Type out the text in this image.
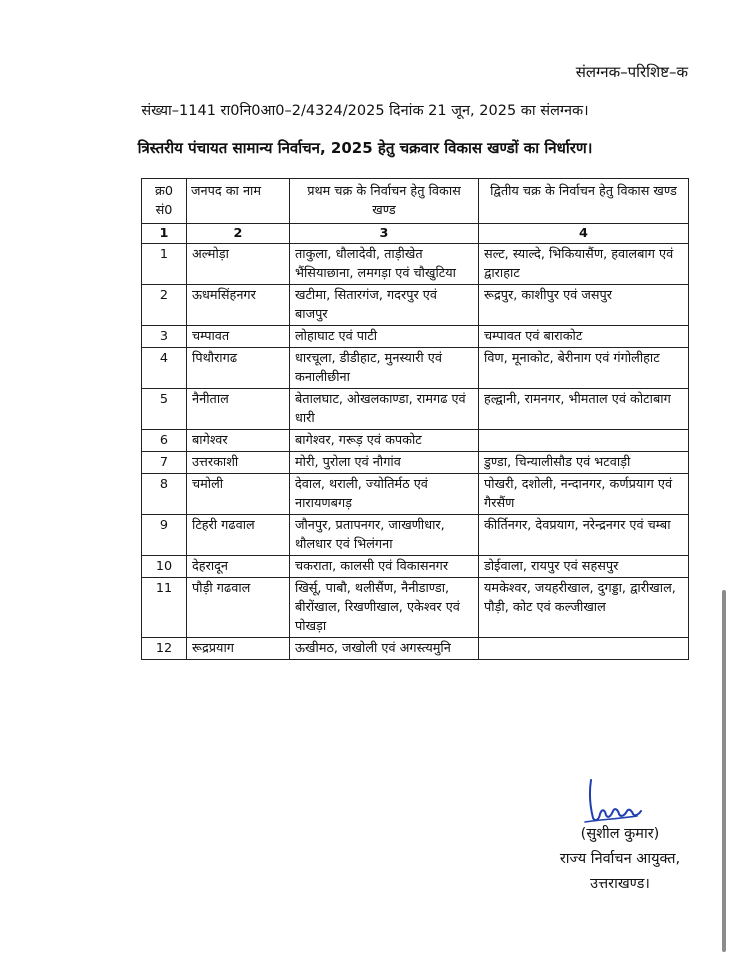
संलग्नक–परिशिष्ट–क
संख्या–1141 रा0नि0आ0–2/4324/2025 दिनांक 21 जून, 2025 का संलग्नक।
त्रिस्तरीय पंचायत सामान्य निर्वाचन, 2025 हेतु चक्रवार विकास खण्डों का निर्धारण।
क्र0 सं0	जनपद का नाम	प्रथम चक्र के निर्वाचन हेतु विकास खण्ड	द्वितीय चक्र के निर्वाचन हेतु विकास खण्ड
1	2	3	4
1	अल्मोड़ा	ताकुला, धौलादेवी, ताड़ीखेत भैंसियाछाना, लमगड़ा एवं चौखुटिया	सल्ट, स्याल्दे, भिकियासैंण, हवालबाग एवं द्वाराहाट
2	ऊधमसिंहनगर	खटीमा, सितारगंज, गदरपुर एवं बाजपुर	रूद्रपुर, काशीपुर एवं जसपुर
3	चम्पावत	लोहाघाट एवं पाटी	चम्पावत एवं बाराकोट
4	पिथौरागढ	धारचूला, डीडीहाट, मुनस्यारी एवं कनालीछीना	विण, मूनाकोट, बेरीनाग एवं गंगोलीहाट
5	नैनीताल	बेतालघाट, ओखलकाण्डा, रामगढ एवं धारी	हल्द्वानी, रामनगर, भीमताल एवं कोटाबाग
6	बागेश्वर	बागेश्वर, गरूड़ एवं कपकोट	
7	उत्तरकाशी	मोरी, पुरोला एवं नौगांव	डुण्डा, चिन्यालीसौड एवं भटवाड़ी
8	चमोली	देवाल, थराली, ज्योतिर्मठ एवं नारायणबगड़	पोखरी, दशोली, नन्दानगर, कर्णप्रयाग एवं गैरसैंण
9	टिहरी गढवाल	जौनपुर, प्रतापनगर, जाखणीधार, थौलधार एवं भिलंगना	कीर्तिनगर, देवप्रयाग, नरेन्द्रनगर एवं चम्बा
10	देहरादून	चकराता, कालसी एवं विकासनगर	डोईवाला, रायपुर एवं सहसपुर
11	पौड़ी गढवाल	खिर्सू, पाबौ, थलीसैंण, नैनीडाण्डा, बीरोंखाल, रिखणीखाल, एकेश्वर एवं पोखड़ा	यमकेश्वर, जयहरीखाल, दुगड्डा, द्वारीखाल, पौड़ी, कोट एवं कल्जीखाल
12	रूद्रप्रयाग	ऊखीमठ, जखोली एवं अगस्त्यमुनि	
(सुशील कुमार)
राज्य निर्वाचन आयुक्त,
उत्तराखण्ड।
